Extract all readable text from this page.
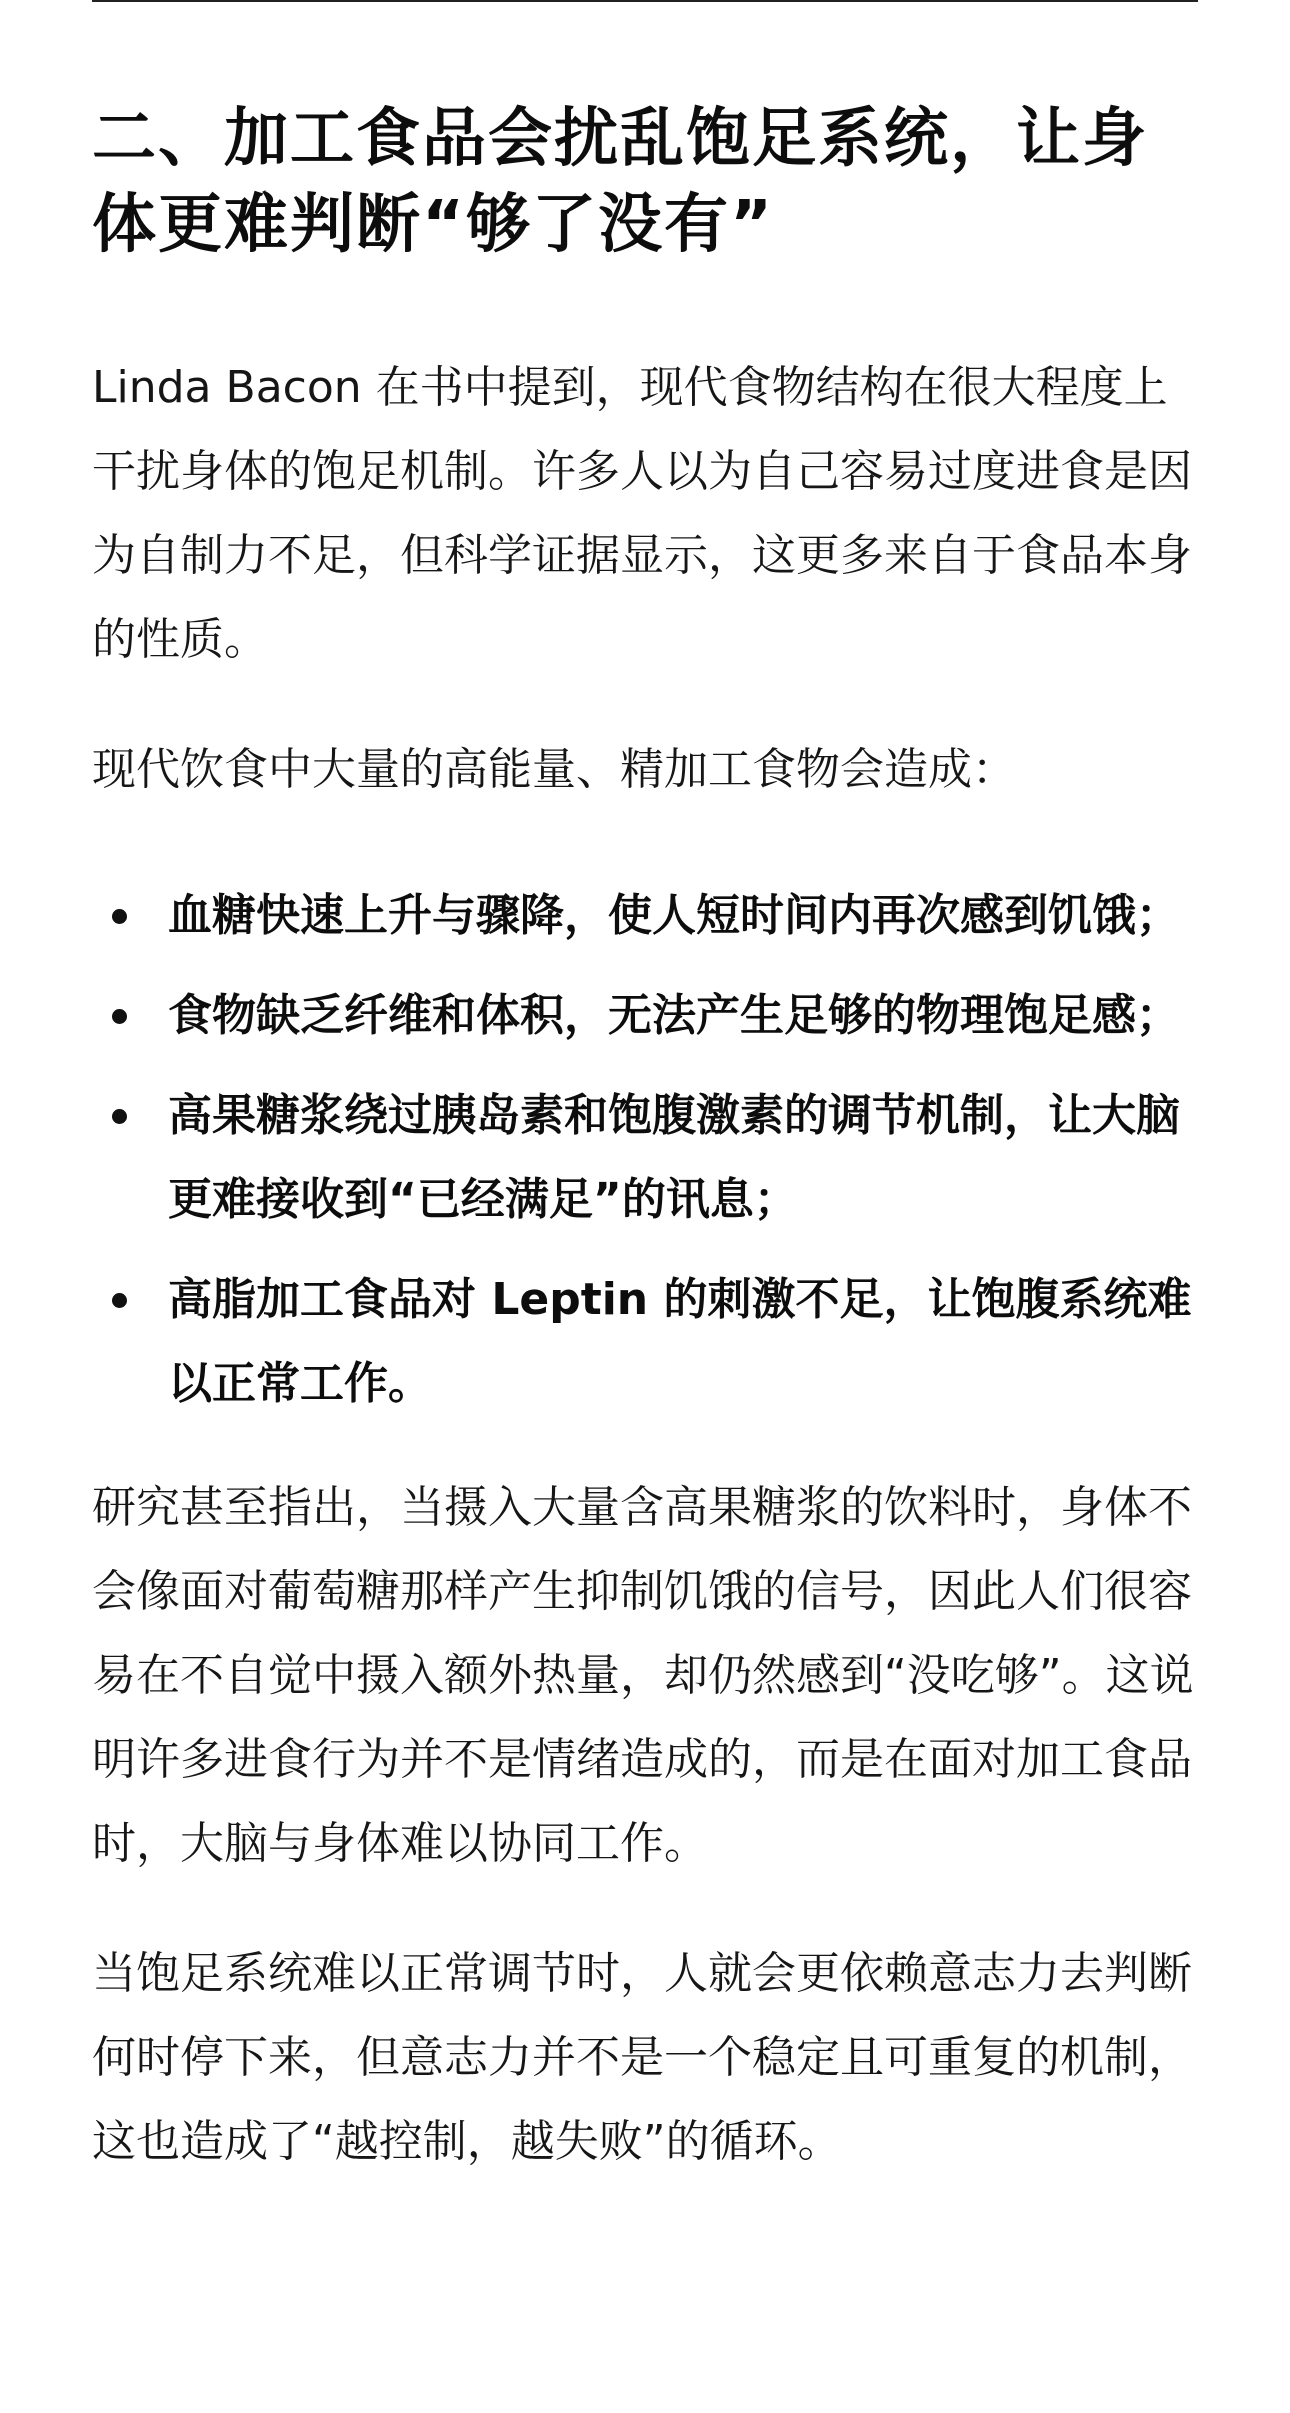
二、加工食品会扰乱饱足系统，让身体更难判断“够了没有”

Linda Bacon 在书中提到，现代食物结构在很大程度上干扰身体的饱足机制。许多人以为自己容易过度进食是因为自制力不足，但科学证据显示，这更多来自于食品本身的性质。

现代饮食中大量的高能量、精加工食物会造成：

血糖快速上升与骤降，使人短时间内再次感到饥饿；
食物缺乏纤维和体积，无法产生足够的物理饱足感；
高果糖浆绕过胰岛素和饱腹激素的调节机制，让大脑更难接收到“已经满足”的讯息；
高脂加工食品对 Leptin 的刺激不足，让饱腹系统难以正常工作。

研究甚至指出，当摄入大量含高果糖浆的饮料时，身体不会像面对葡萄糖那样产生抑制饥饿的信号，因此人们很容易在不自觉中摄入额外热量，却仍然感到“没吃够”。这说明许多进食行为并不是情绪造成的，而是在面对加工食品时，大脑与身体难以协同工作。

当饱足系统难以正常调节时，人就会更依赖意志力去判断何时停下来，但意志力并不是一个稳定且可重复的机制，这也造成了“越控制，越失败”的循环。
